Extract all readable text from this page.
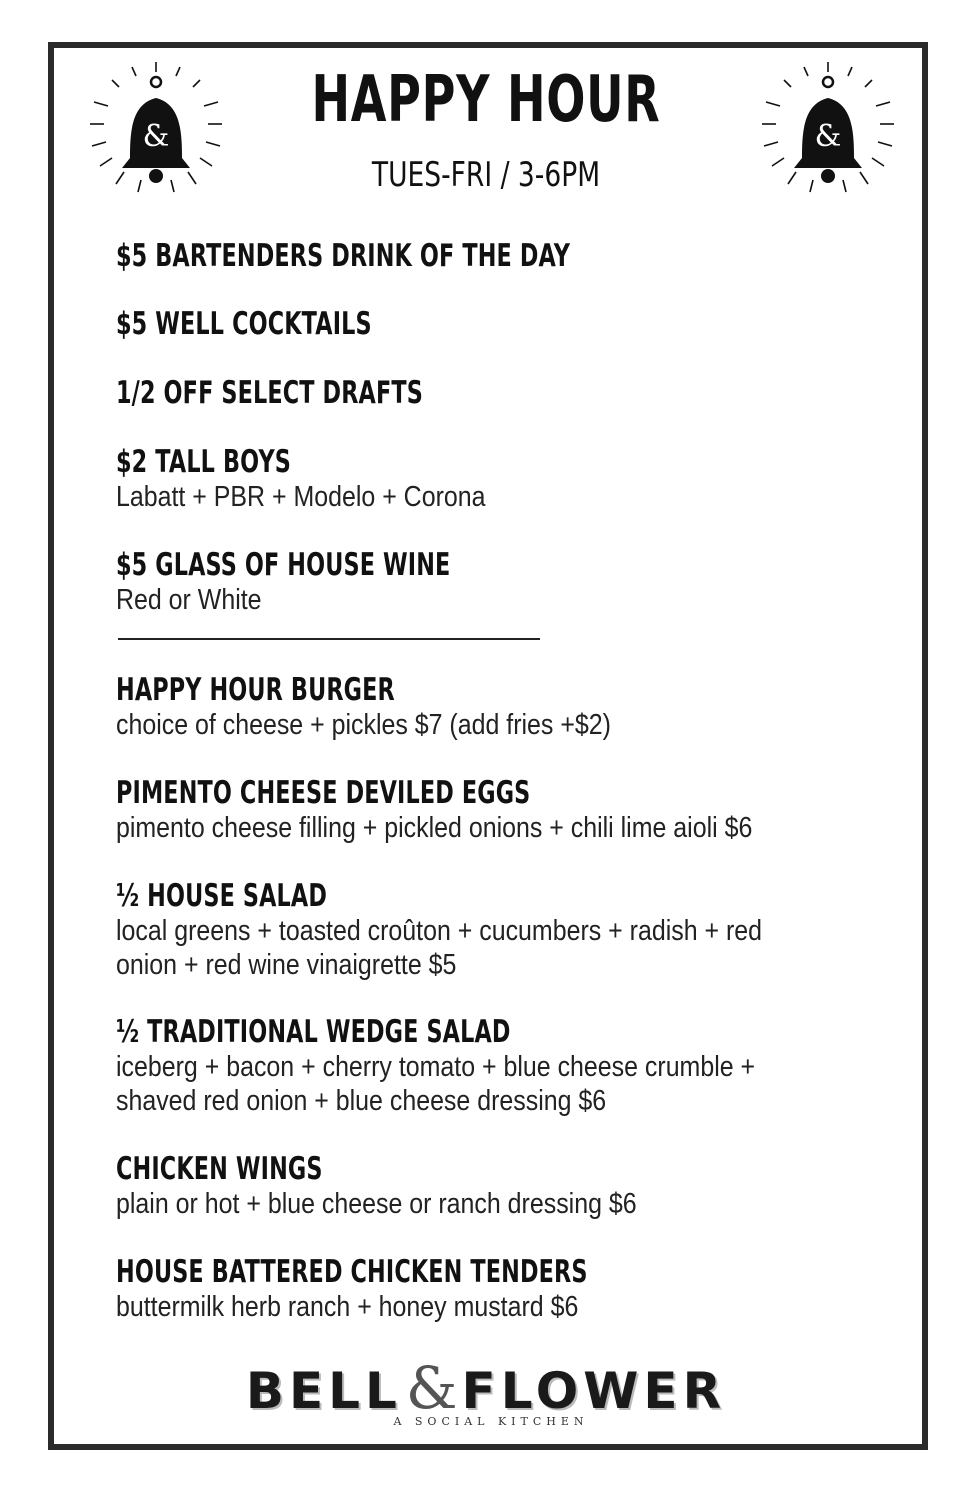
&	&
HAPPY HOUR
TUES-FRI / 3-6PM
$5 BARTENDERS DRINK OF THE DAY
$5 WELL COCKTAILS
1/2 OFF SELECT DRAFTS
$2 TALL BOYS
Labatt + PBR + Modelo + Corona
$5 GLASS OF HOUSE WINE
Red or White
HAPPY HOUR BURGER
choice of cheese + pickles $7 (add fries +$2)
PIMENTO CHEESE DEVILED EGGS
pimento cheese filling + pickled onions + chili lime aioli $6
½ HOUSE SALAD
local greens + toasted croûton + cucumbers + radish + red
onion + red wine vinaigrette $5
½ TRADITIONAL WEDGE SALAD
iceberg + bacon + cherry tomato + blue cheese crumble +
shaved red onion + blue cheese dressing $6
CHICKEN WINGS
plain or hot + blue cheese or ranch dressing $6
HOUSE BATTERED CHICKEN TENDERS
buttermilk herb ranch + honey mustard $6
BELL&FLOWER
A SOCIAL KITCHEN
